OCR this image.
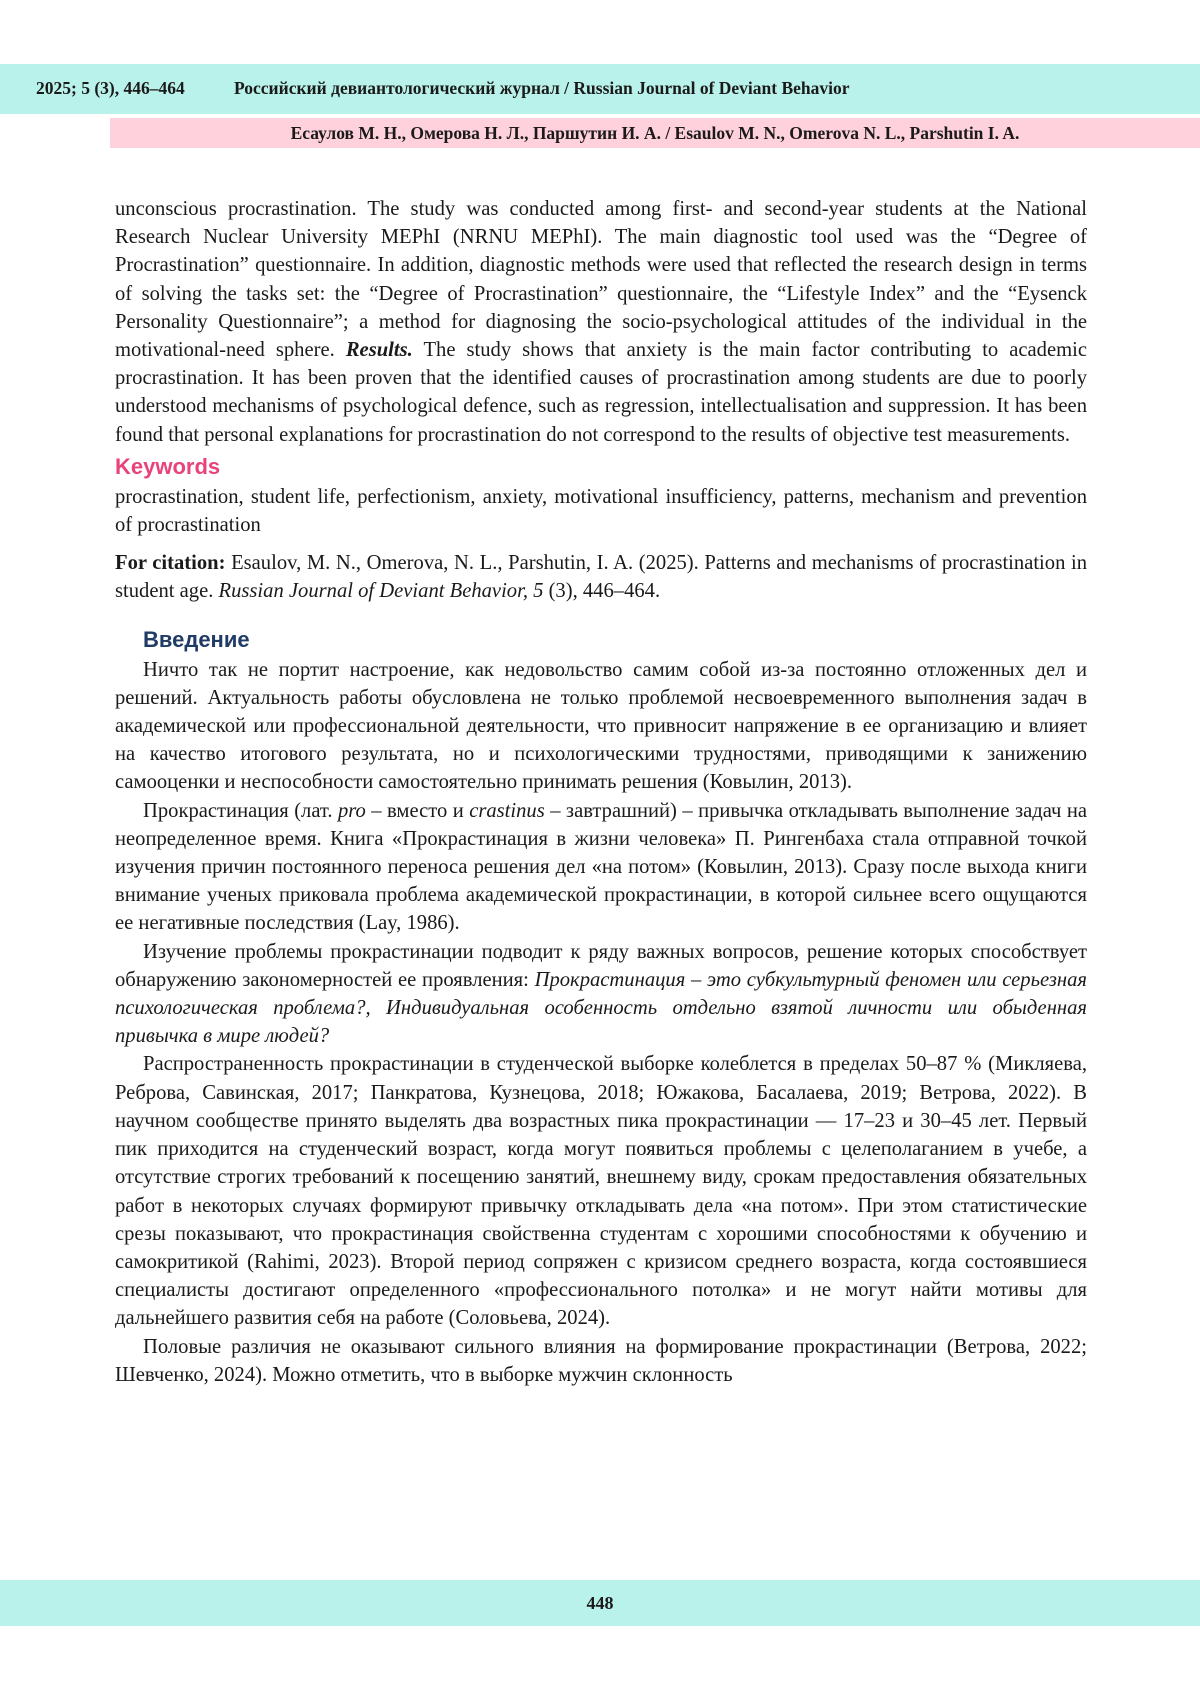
2025; 5 (3), 446–464	Российский девиантологический журнал / Russian Journal of Deviant Behavior
Есаулов М. Н., Омерова Н. Л., Паршутин И. А. / Esaulov M. N., Omerova N. L., Parshutin I. A.

unconscious procrastination. The study was conducted among first- and second-year students at the National Research Nuclear University MEPhI (NRNU MEPhI). The main diagnostic tool used was the “Degree of Procrastination” questionnaire. In addition, diagnostic methods were used that reflected the research design in terms of solving the tasks set: the “Degree of Procrastination” questionnaire, the “Lifestyle Index” and the “Eysenck Personality Questionnaire”; a method for diagnosing the socio-psychological attitudes of the individual in the motivational-need sphere. Results. The study shows that anxiety is the main factor contributing to academic procrastination. It has been proven that the identified causes of procrastination among students are due to poorly understood mechanisms of psychological defence, such as regression, intellectualisation and suppression. It has been found that personal explanations for procrastination do not correspond to the results of objective test measurements.

Keywords

procrastination, student life, perfectionism, anxiety, motivational insufficiency, patterns, mechanism and prevention of procrastination

For citation: Esaulov, M. N., Omerova, N. L., Parshutin, I. A. (2025). Patterns and mechanisms of procrastination in student age. Russian Journal of Deviant Behavior, 5 (3), 446–464.

Введение

Ничто так не портит настроение, как недовольство самим собой из-за постоянно отложенных дел и решений. Актуальность работы обусловлена не только проблемой несвоевременного выполнения задач в академической или профессиональной деятельности, что привносит напряжение в ее организацию и влияет на качество итогового результата, но и психологическими трудностями, приводящими к занижению самооценки и неспособности самостоятельно принимать решения (Ковылин, 2013).

Прокрастинация (лат. pro – вместо и crastinus – завтрашний) – привычка откладывать выполнение задач на неопределенное время. Книга «Прокрастинация в жизни человека» П. Рингенбаха стала отправной точкой изучения причин постоянного переноса решения дел «на потом» (Ковылин, 2013). Сразу после выхода книги внимание ученых приковала проблема академической прокрастинации, в которой сильнее всего ощущаются ее негативные последствия (Lay, 1986).

Изучение проблемы прокрастинации подводит к ряду важных вопросов, решение которых способствует обнаружению закономерностей ее проявления: Прокрастинация – это субкультурный феномен или серьезная психологическая проблема?, Индивидуальная особенность отдельно взятой личности или обыденная привычка в мире людей?

Распространенность прокрастинации в студенческой выборке колеблется в пределах 50–87 % (Микляева, Реброва, Савинская, 2017; Панкратова, Кузнецова, 2018; Южакова, Басалаева, 2019; Ветрова, 2022). В научном сообществе принято выделять два возрастных пика прокрастинации — 17–23 и 30–45 лет. Первый пик приходится на студенческий возраст, когда могут появиться проблемы с целеполаганием в учебе, а отсутствие строгих требований к посещению занятий, внешнему виду, срокам предоставления обязательных работ в некоторых случаях формируют привычку откладывать дела «на потом». При этом статистические срезы показывают, что прокрастинация свойственна студентам с хорошими способностями к обучению и самокритикой (Rahimi, 2023). Второй период сопряжен с кризисом среднего возраста, когда состоявшиеся специалисты достигают определенного «профессионального потолка» и не могут найти мотивы для дальнейшего развития себя на работе (Соловьева, 2024).

Половые различия не оказывают сильного влияния на формирование прокрастинации (Ветрова, 2022; Шевченко, 2024). Можно отметить, что в выборке мужчин склонность

448
